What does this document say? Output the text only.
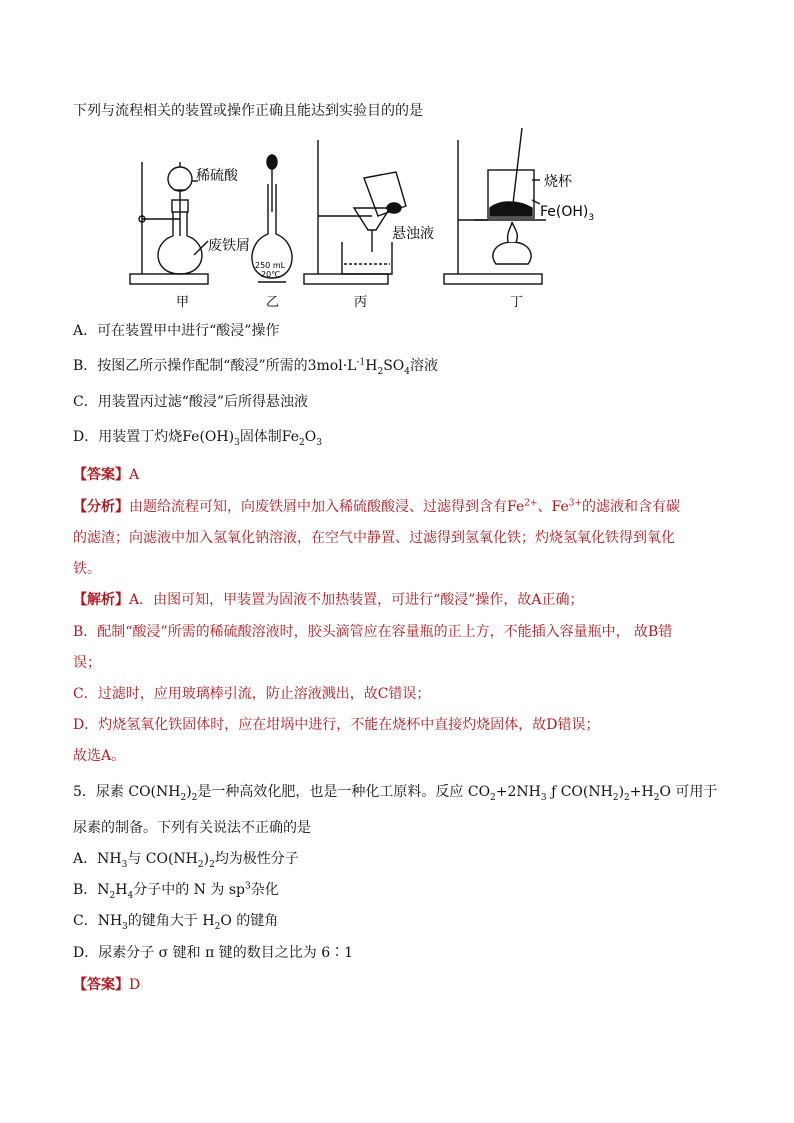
下列与流程相关的装置或操作正确且能达到实验目的的是
稀硫酸
废铁屑
250 mL
20℃
悬浊液
烧杯
$Fe(OH)_3$
甲	乙	丙	丁
A．可在装置甲中进行“酸浸”操作
B．按图乙所示操作配制“酸浸”所需的$3mol\cdot L^{-1}H_2SO_4$溶液
C．用装置丙过滤“酸浸”后所得悬浊液
D．用装置丁灼烧$Fe(OH)_3$固体制$Fe_2O_3$
【答案】A
【分析】由题给流程可知，向废铁屑中加入稀硫酸酸浸、过滤得到含有$Fe^{2+}$、$Fe^{3+}$的滤液和含有碳
的滤渣；向滤液中加入氢氧化钠溶液，在空气中静置、过滤得到氢氧化铁；灼烧氢氧化铁得到氧化
铁。
【解析】A．由图可知，甲装置为固液不加热装置，可进行“酸浸”操作，故A正确；
B．配制“酸浸”所需的稀硫酸溶液时，胶头滴管应在容量瓶的正上方，不能插入容量瓶中， 故B错
误；
C．过滤时，应用玻璃棒引流，防止溶液溅出，故C错误；
D．灼烧氢氧化铁固体时，应在坩埚中进行，不能在烧杯中直接灼烧固体，故D错误；
故选A。
5．尿素 $CO(NH_2)_2$是一种高效化肥，也是一种化工原料。反应 $CO_2+2NH_3$ ƒ $CO(NH_2)_2+H_2O$ 可用于
尿素的制备。下列有关说法不正确的是
A．$NH_3$与 $CO(NH_2)_2$均为极性分子
B．$N_2H_4$分子中的 N 为 $sp^3$杂化
C．$NH_3$的键角大于 $H_2O$ 的键角
D．尿素分子 σ 键和 π 键的数目之比为 6∶1
【答案】D
